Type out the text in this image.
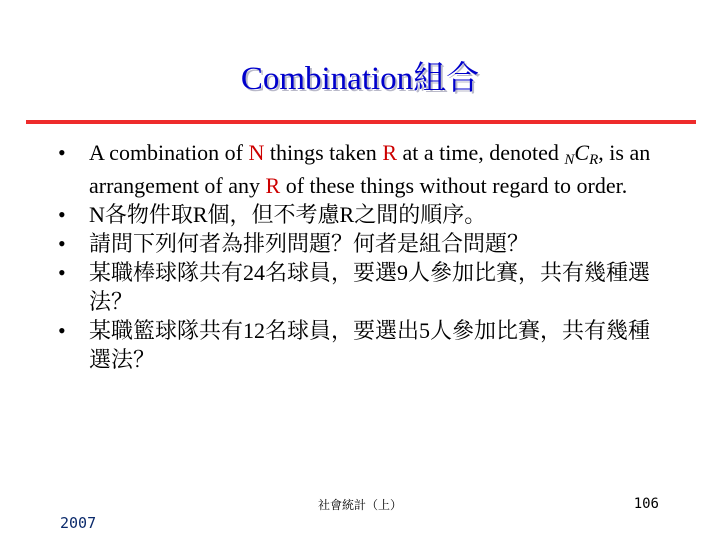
Combination組合
• A combination of N things taken R at a time, denoted NCR, is an arrangement of any R of these things without regard to order.
• N各物件取R個，但不考慮R之間的順序。
• 請問下列何者為排列問題？何者是組合問題？
• 某職棒球隊共有24名球員，要選9人參加比賽，共有幾種選法？
• 某職籃球隊共有12名球員，要選出5人參加比賽，共有幾種選法？
社會統計（上）	106
2007
